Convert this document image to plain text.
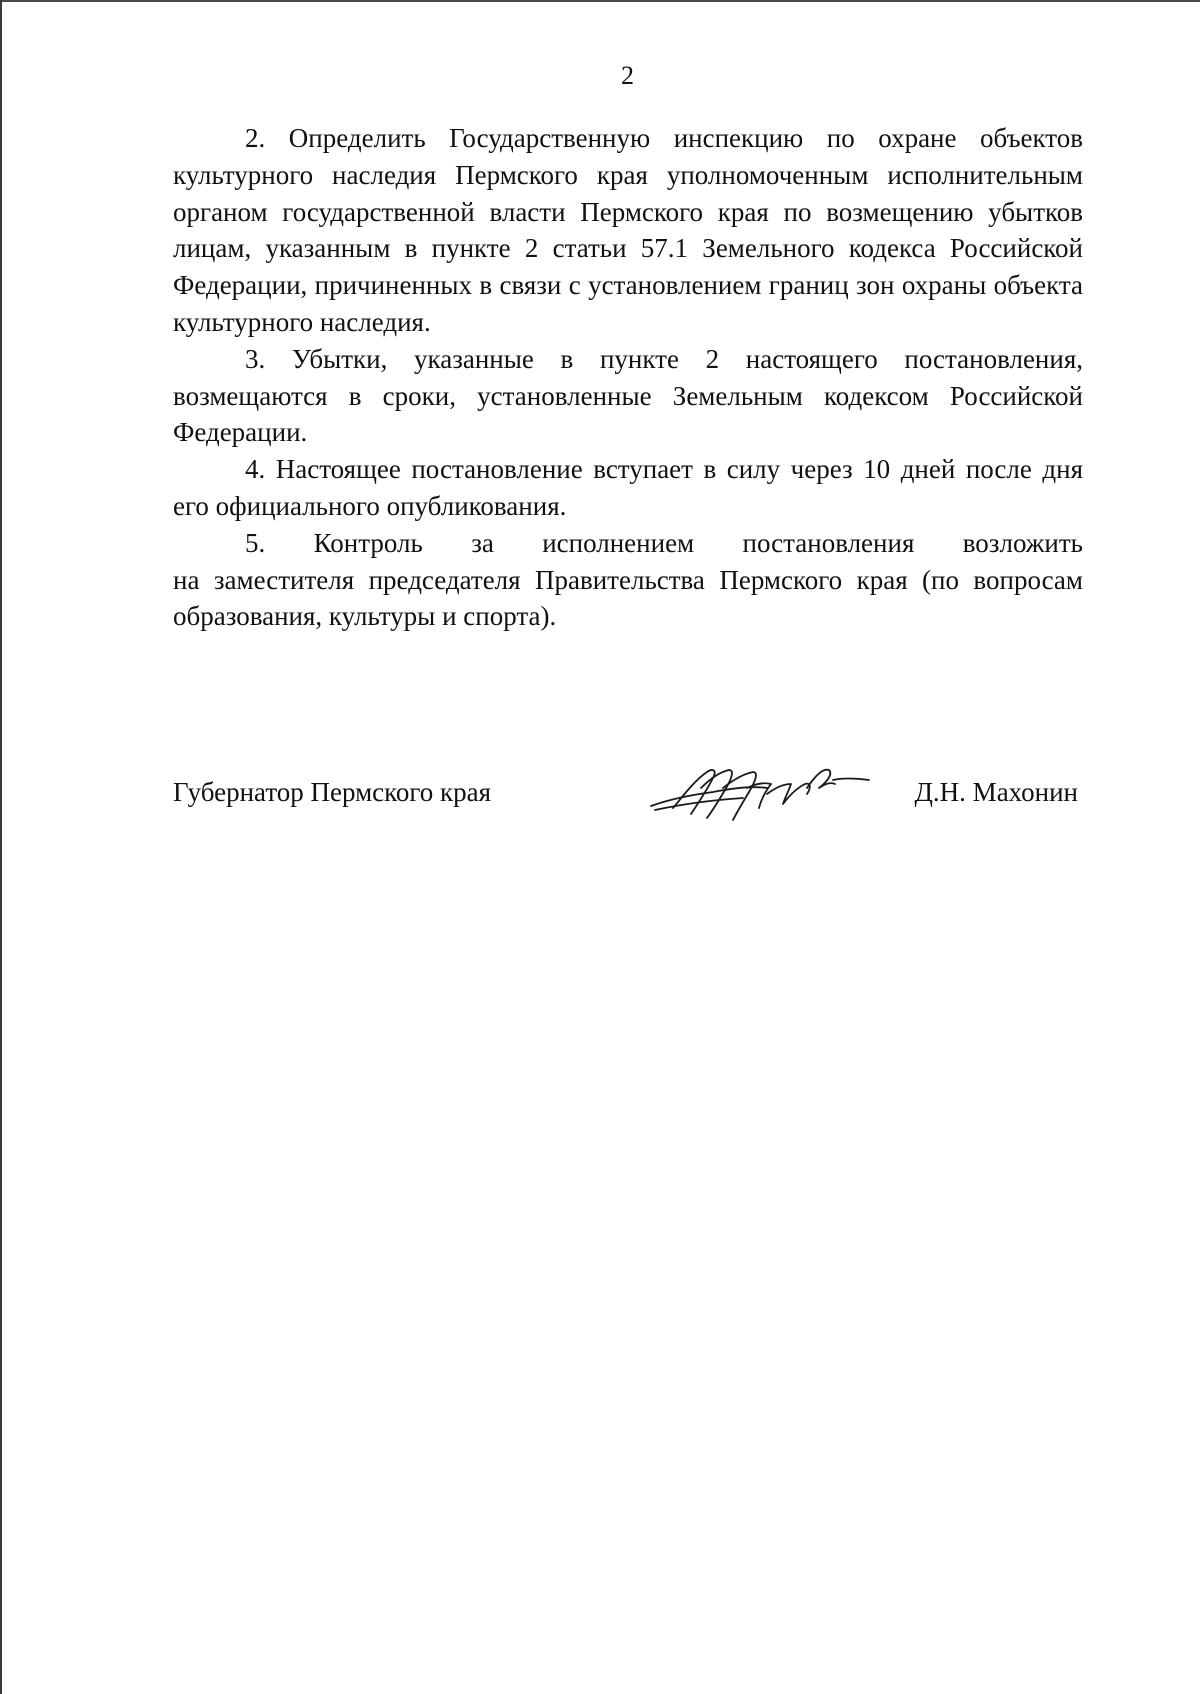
2

2. Определить Государственную инспекцию по охране объектов культурного наследия Пермского края уполномоченным исполнительным органом государственной власти Пермского края по возмещению убытков лицам, указанным в пункте 2 статьи 57.1 Земельного кодекса Российской Федерации, причиненных в связи с установлением границ зон охраны объекта культурного наследия.

3. Убытки, указанные в пункте 2 настоящего постановления, возмещаются в сроки, установленные Земельным кодексом Российской Федерации.

4. Настоящее постановление вступает в силу через 10 дней после дня его официального опубликования.

5. Контроль за исполнением постановления возложить

на заместителя председателя Правительства Пермского края (по вопросам образования, культуры и спорта).

Губернатор Пермского края	Д.Н. Махонин
